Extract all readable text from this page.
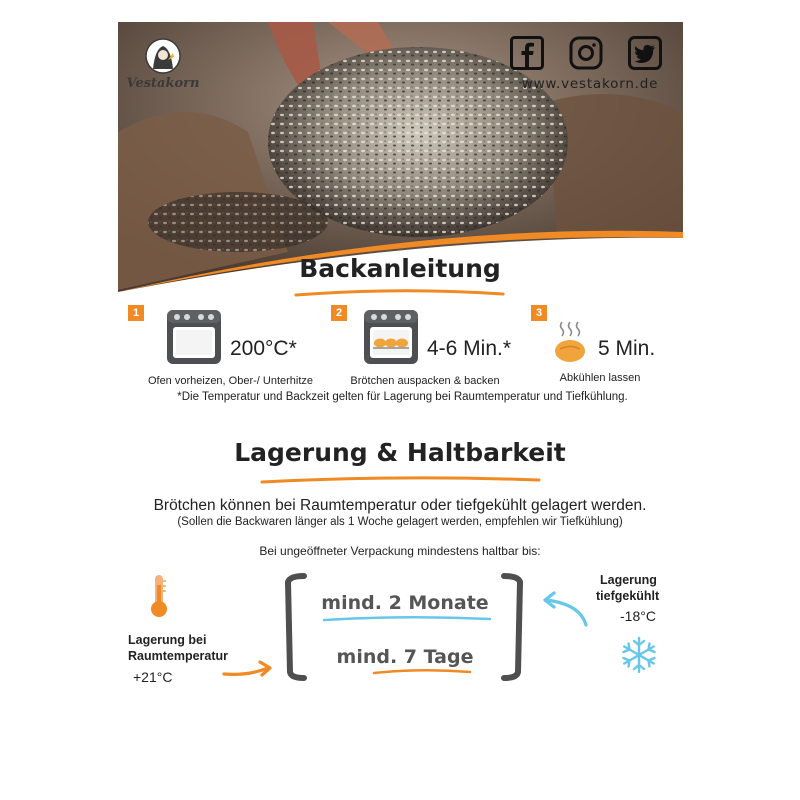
Vestakorn	www.vestakorn.de
Backanleitung
1
200°C*
Ofen vorheizen, Ober-/ Unterhitze
2
4-6 Min.*
Brötchen auspacken & backen
3
5 Min.
Abkühlen lassen
*Die Temperatur und Backzeit gelten für Lagerung bei Raumtemperatur und Tiefkühlung.
Lagerung & Haltbarkeit
Brötchen können bei Raumtemperatur oder tiefgekühlt gelagert werden.
(Sollen die Backwaren länger als 1 Woche gelagert werden, empfehlen wir Tiefkühlung)
Bei ungeöffneter Verpackung mindestens haltbar bis:
mind. 2 Monate
mind. 7 Tage
Lagerung bei
Raumtemperatur
+21°C
Lagerung
tiefgekühlt
-18°C
